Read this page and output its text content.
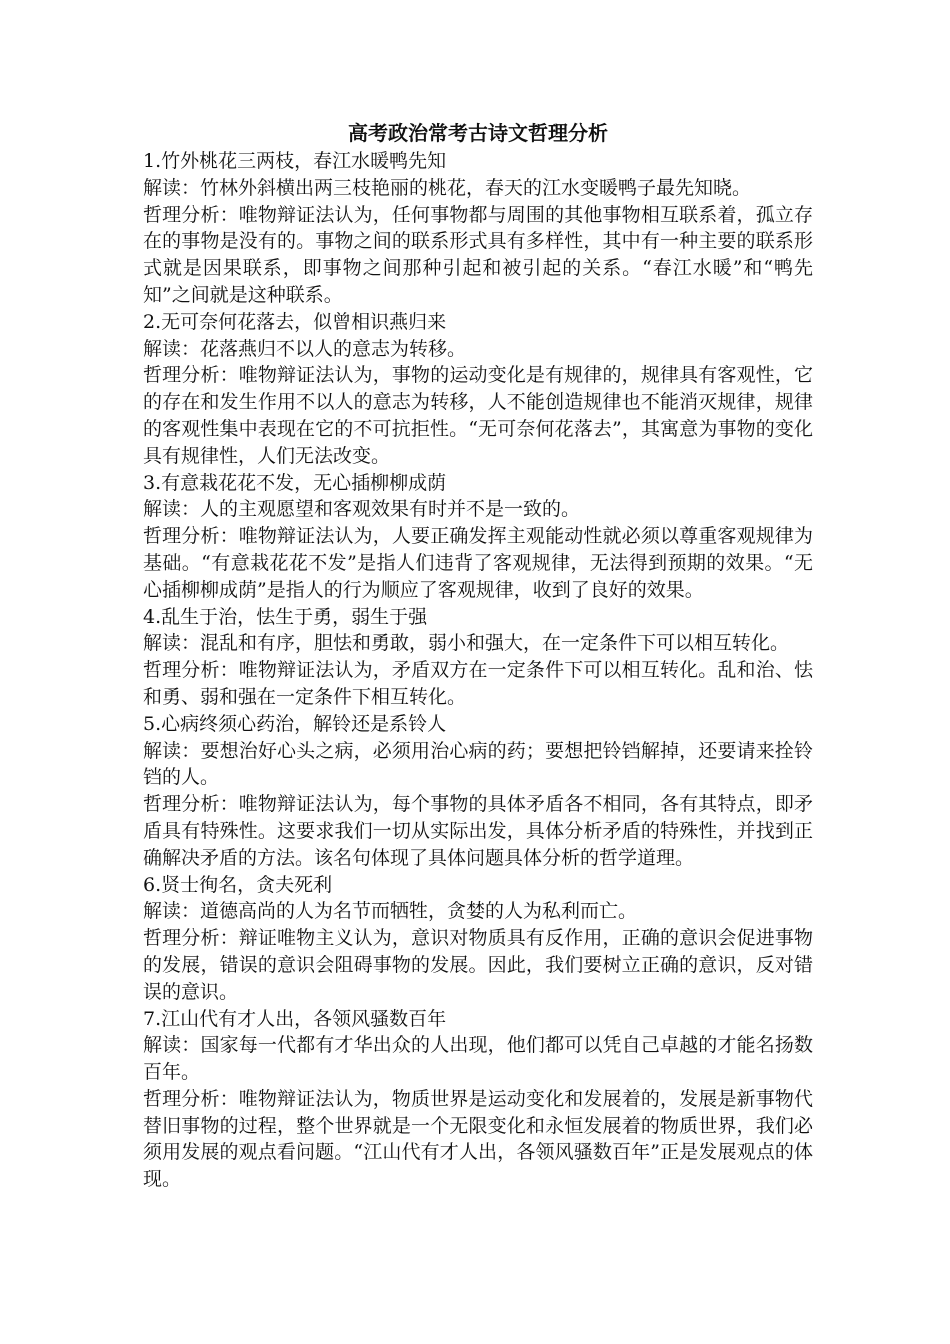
高考政治常考古诗文哲理分析

1.竹外桃花三两枝，春江水暖鸭先知

解读：竹林外斜横出两三枝艳丽的桃花，春天的江水变暖鸭子最先知晓。

哲理分析：唯物辩证法认为，任何事物都与周围的其他事物相互联系着，孤立存在的事物是没有的。事物之间的联系形式具有多样性，其中有一种主要的联系形式就是因果联系，即事物之间那种引起和被引起的关系。“春江水暖”和“鸭先知”之间就是这种联系。

2.无可奈何花落去，似曾相识燕归来

解读：花落燕归不以人的意志为转移。

哲理分析：唯物辩证法认为，事物的运动变化是有规律的，规律具有客观性，它的存在和发生作用不以人的意志为转移，人不能创造规律也不能消灭规律，规律的客观性集中表现在它的不可抗拒性。“无可奈何花落去”，其寓意为事物的变化具有规律性，人们无法改变。

3.有意栽花花不发，无心插柳柳成荫

解读：人的主观愿望和客观效果有时并不是一致的。

哲理分析：唯物辩证法认为，人要正确发挥主观能动性就必须以尊重客观规律为基础。“有意栽花花不发”是指人们违背了客观规律，无法得到预期的效果。“无心插柳柳成荫”是指人的行为顺应了客观规律，收到了良好的效果。

4.乱生于治，怯生于勇，弱生于强

解读：混乱和有序，胆怯和勇敢，弱小和强大，在一定条件下可以相互转化。

哲理分析：唯物辩证法认为，矛盾双方在一定条件下可以相互转化。乱和治、怯和勇、弱和强在一定条件下相互转化。

5.心病终须心药治，解铃还是系铃人

解读：要想治好心头之病，必须用治心病的药；要想把铃铛解掉，还要请来拴铃铛的人。

哲理分析：唯物辩证法认为，每个事物的具体矛盾各不相同，各有其特点，即矛盾具有特殊性。这要求我们一切从实际出发，具体分析矛盾的特殊性，并找到正确解决矛盾的方法。该名句体现了具体问题具体分析的哲学道理。

6.贤士徇名，贪夫死利

解读：道德高尚的人为名节而牺牲，贪婪的人为私利而亡。

哲理分析：辩证唯物主义认为，意识对物质具有反作用，正确的意识会促进事物的发展，错误的意识会阻碍事物的发展。因此，我们要树立正确的意识，反对错误的意识。

7.江山代有才人出，各领风骚数百年

解读：国家每一代都有才华出众的人出现，他们都可以凭自己卓越的才能名扬数百年。

哲理分析：唯物辩证法认为，物质世界是运动变化和发展着的，发展是新事物代替旧事物的过程，整个世界就是一个无限变化和永恒发展着的物质世界，我们必须用发展的观点看问题。“江山代有才人出，各领风骚数百年”正是发展观点的体现。
